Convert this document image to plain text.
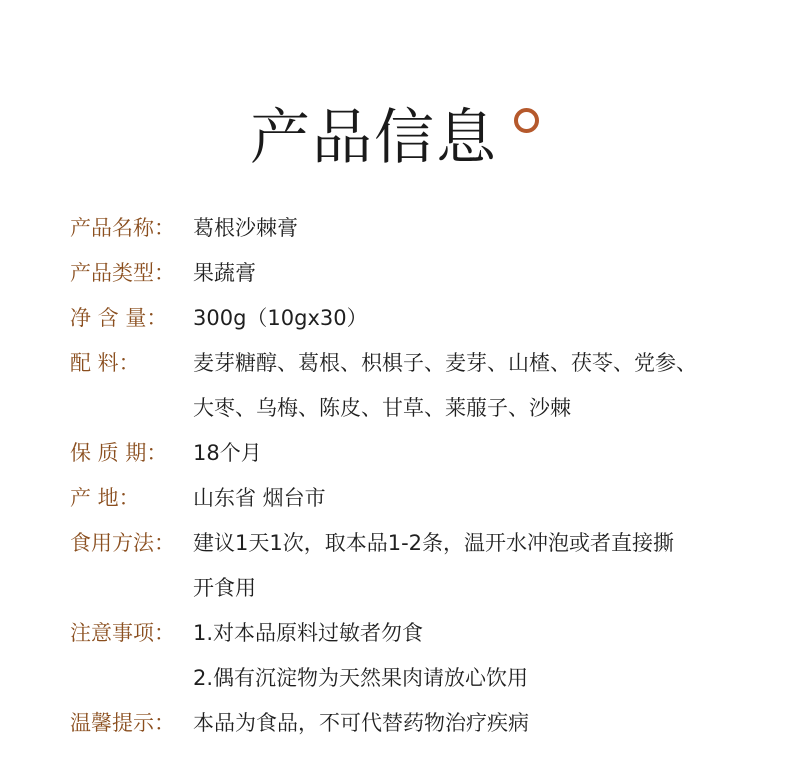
产品信息
产品名称： 葛根沙棘膏
产品类型： 果蔬膏
净 含 量：	300g（10gx30）
配 料：	麦芽糖醇、葛根、枳椇子、麦芽、山楂、茯苓、党参、
大枣、乌梅、陈皮、甘草、莱菔子、沙棘
保 质 期：	18个月
产 地：	山东省 烟台市
食用方法： 建议1天1次，取本品1-2条，温开水冲泡或者直接撕
开食用
注意事项： 1.对本品原料过敏者勿食
2.偶有沉淀物为天然果肉请放心饮用
温馨提示： 本品为食品，不可代替药物治疗疾病
